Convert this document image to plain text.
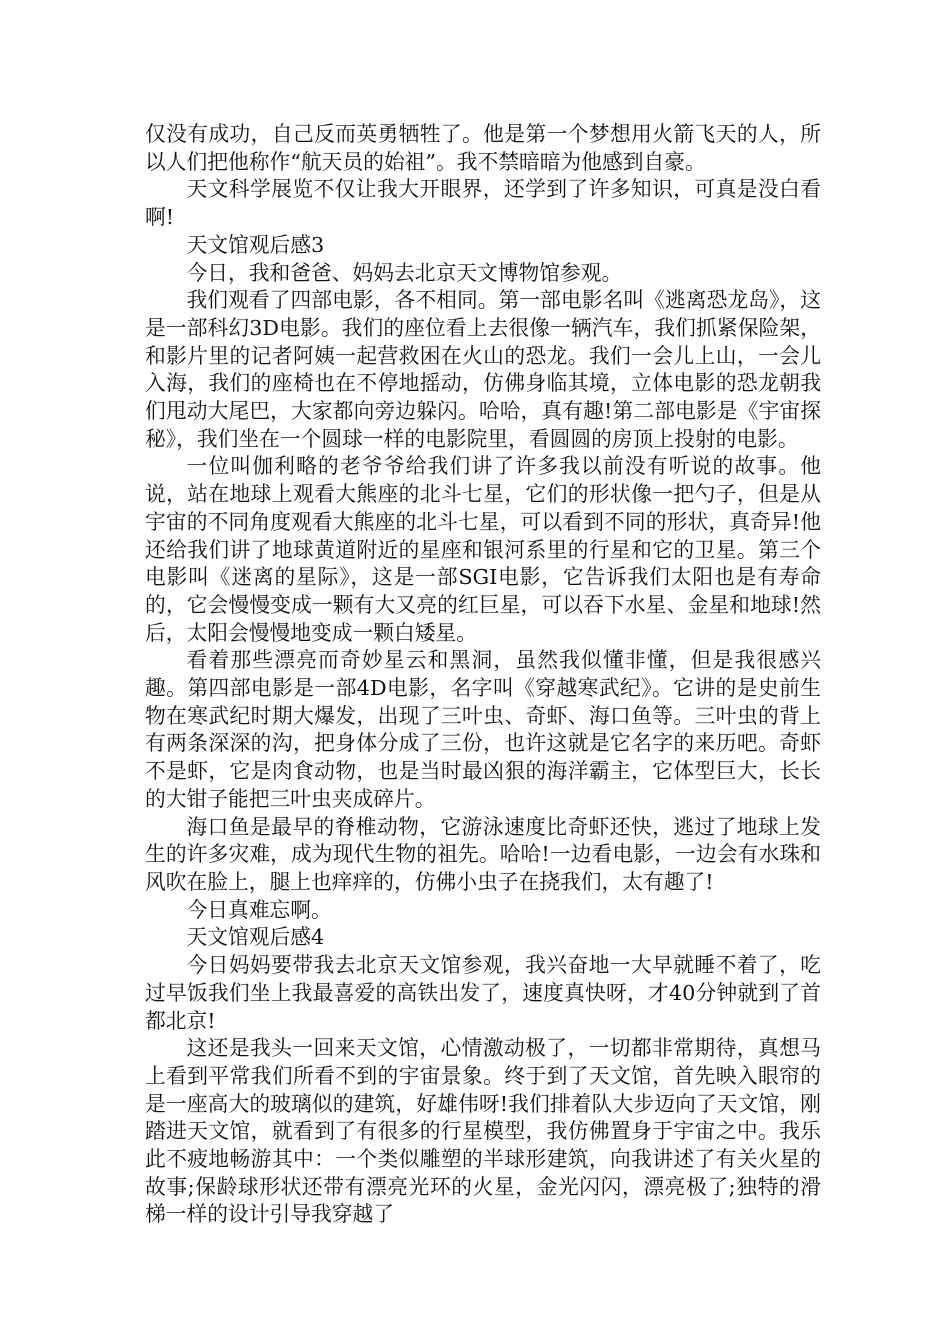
仅没有成功，自己反而英勇牺牲了。他是第一个梦想用火箭飞天的人，所以人们把他称作“航天员的始祖”。我不禁暗暗为他感到自豪。

天文科学展览不仅让我大开眼界，还学到了许多知识，可真是没白看啊!

天文馆观后感3

今日，我和爸爸、妈妈去北京天文博物馆参观。

我们观看了四部电影，各不相同。第一部电影名叫《逃离恐龙岛》，这是一部科幻3D电影。我们的座位看上去很像一辆汽车，我们抓紧保险架，和影片里的记者阿姨一起营救困在火山的恐龙。我们一会儿上山，一会儿入海，我们的座椅也在不停地摇动，仿佛身临其境，立体电影的恐龙朝我们甩动大尾巴，大家都向旁边躲闪。哈哈，真有趣!第二部电影是《宇宙探秘》，我们坐在一个圆球一样的电影院里，看圆圆的房顶上投射的电影。

一位叫伽利略的老爷爷给我们讲了许多我以前没有听说的故事。他说，站在地球上观看大熊座的北斗七星，它们的形状像一把勺子，但是从宇宙的不同角度观看大熊座的北斗七星，可以看到不同的形状，真奇异!他还给我们讲了地球黄道附近的星座和银河系里的行星和它的卫星。第三个电影叫《迷离的星际》，这是一部SGI电影，它告诉我们太阳也是有寿命的，它会慢慢变成一颗有大又亮的红巨星，可以吞下水星、金星和地球!然后，太阳会慢慢地变成一颗白矮星。

看着那些漂亮而奇妙星云和黑洞，虽然我似懂非懂，但是我很感兴趣。第四部电影是一部4D电影，名字叫《穿越寒武纪》。它讲的是史前生物在寒武纪时期大爆发，出现了三叶虫、奇虾、海口鱼等。三叶虫的背上有两条深深的沟，把身体分成了三份，也许这就是它名字的来历吧。奇虾不是虾，它是肉食动物，也是当时最凶狠的海洋霸主，它体型巨大，长长的大钳子能把三叶虫夹成碎片。

海口鱼是最早的脊椎动物，它游泳速度比奇虾还快，逃过了地球上发生的许多灾难，成为现代生物的祖先。哈哈!一边看电影，一边会有水珠和风吹在脸上，腿上也痒痒的，仿佛小虫子在挠我们，太有趣了!

今日真难忘啊。

天文馆观后感4

今日妈妈要带我去北京天文馆参观，我兴奋地一大早就睡不着了，吃过早饭我们坐上我最喜爱的高铁出发了，速度真快呀，才40分钟就到了首都北京!

这还是我头一回来天文馆，心情激动极了，一切都非常期待，真想马上看到平常我们所看不到的宇宙景象。终于到了天文馆，首先映入眼帘的是一座高大的玻璃似的建筑，好雄伟呀!我们排着队大步迈向了天文馆，刚踏进天文馆，就看到了有很多的行星模型，我仿佛置身于宇宙之中。我乐此不疲地畅游其中：一个类似雕塑的半球形建筑，向我讲述了有关火星的故事;保龄球形状还带有漂亮光环的火星，金光闪闪，漂亮极了;独特的滑梯一样的设计引导我穿越了
